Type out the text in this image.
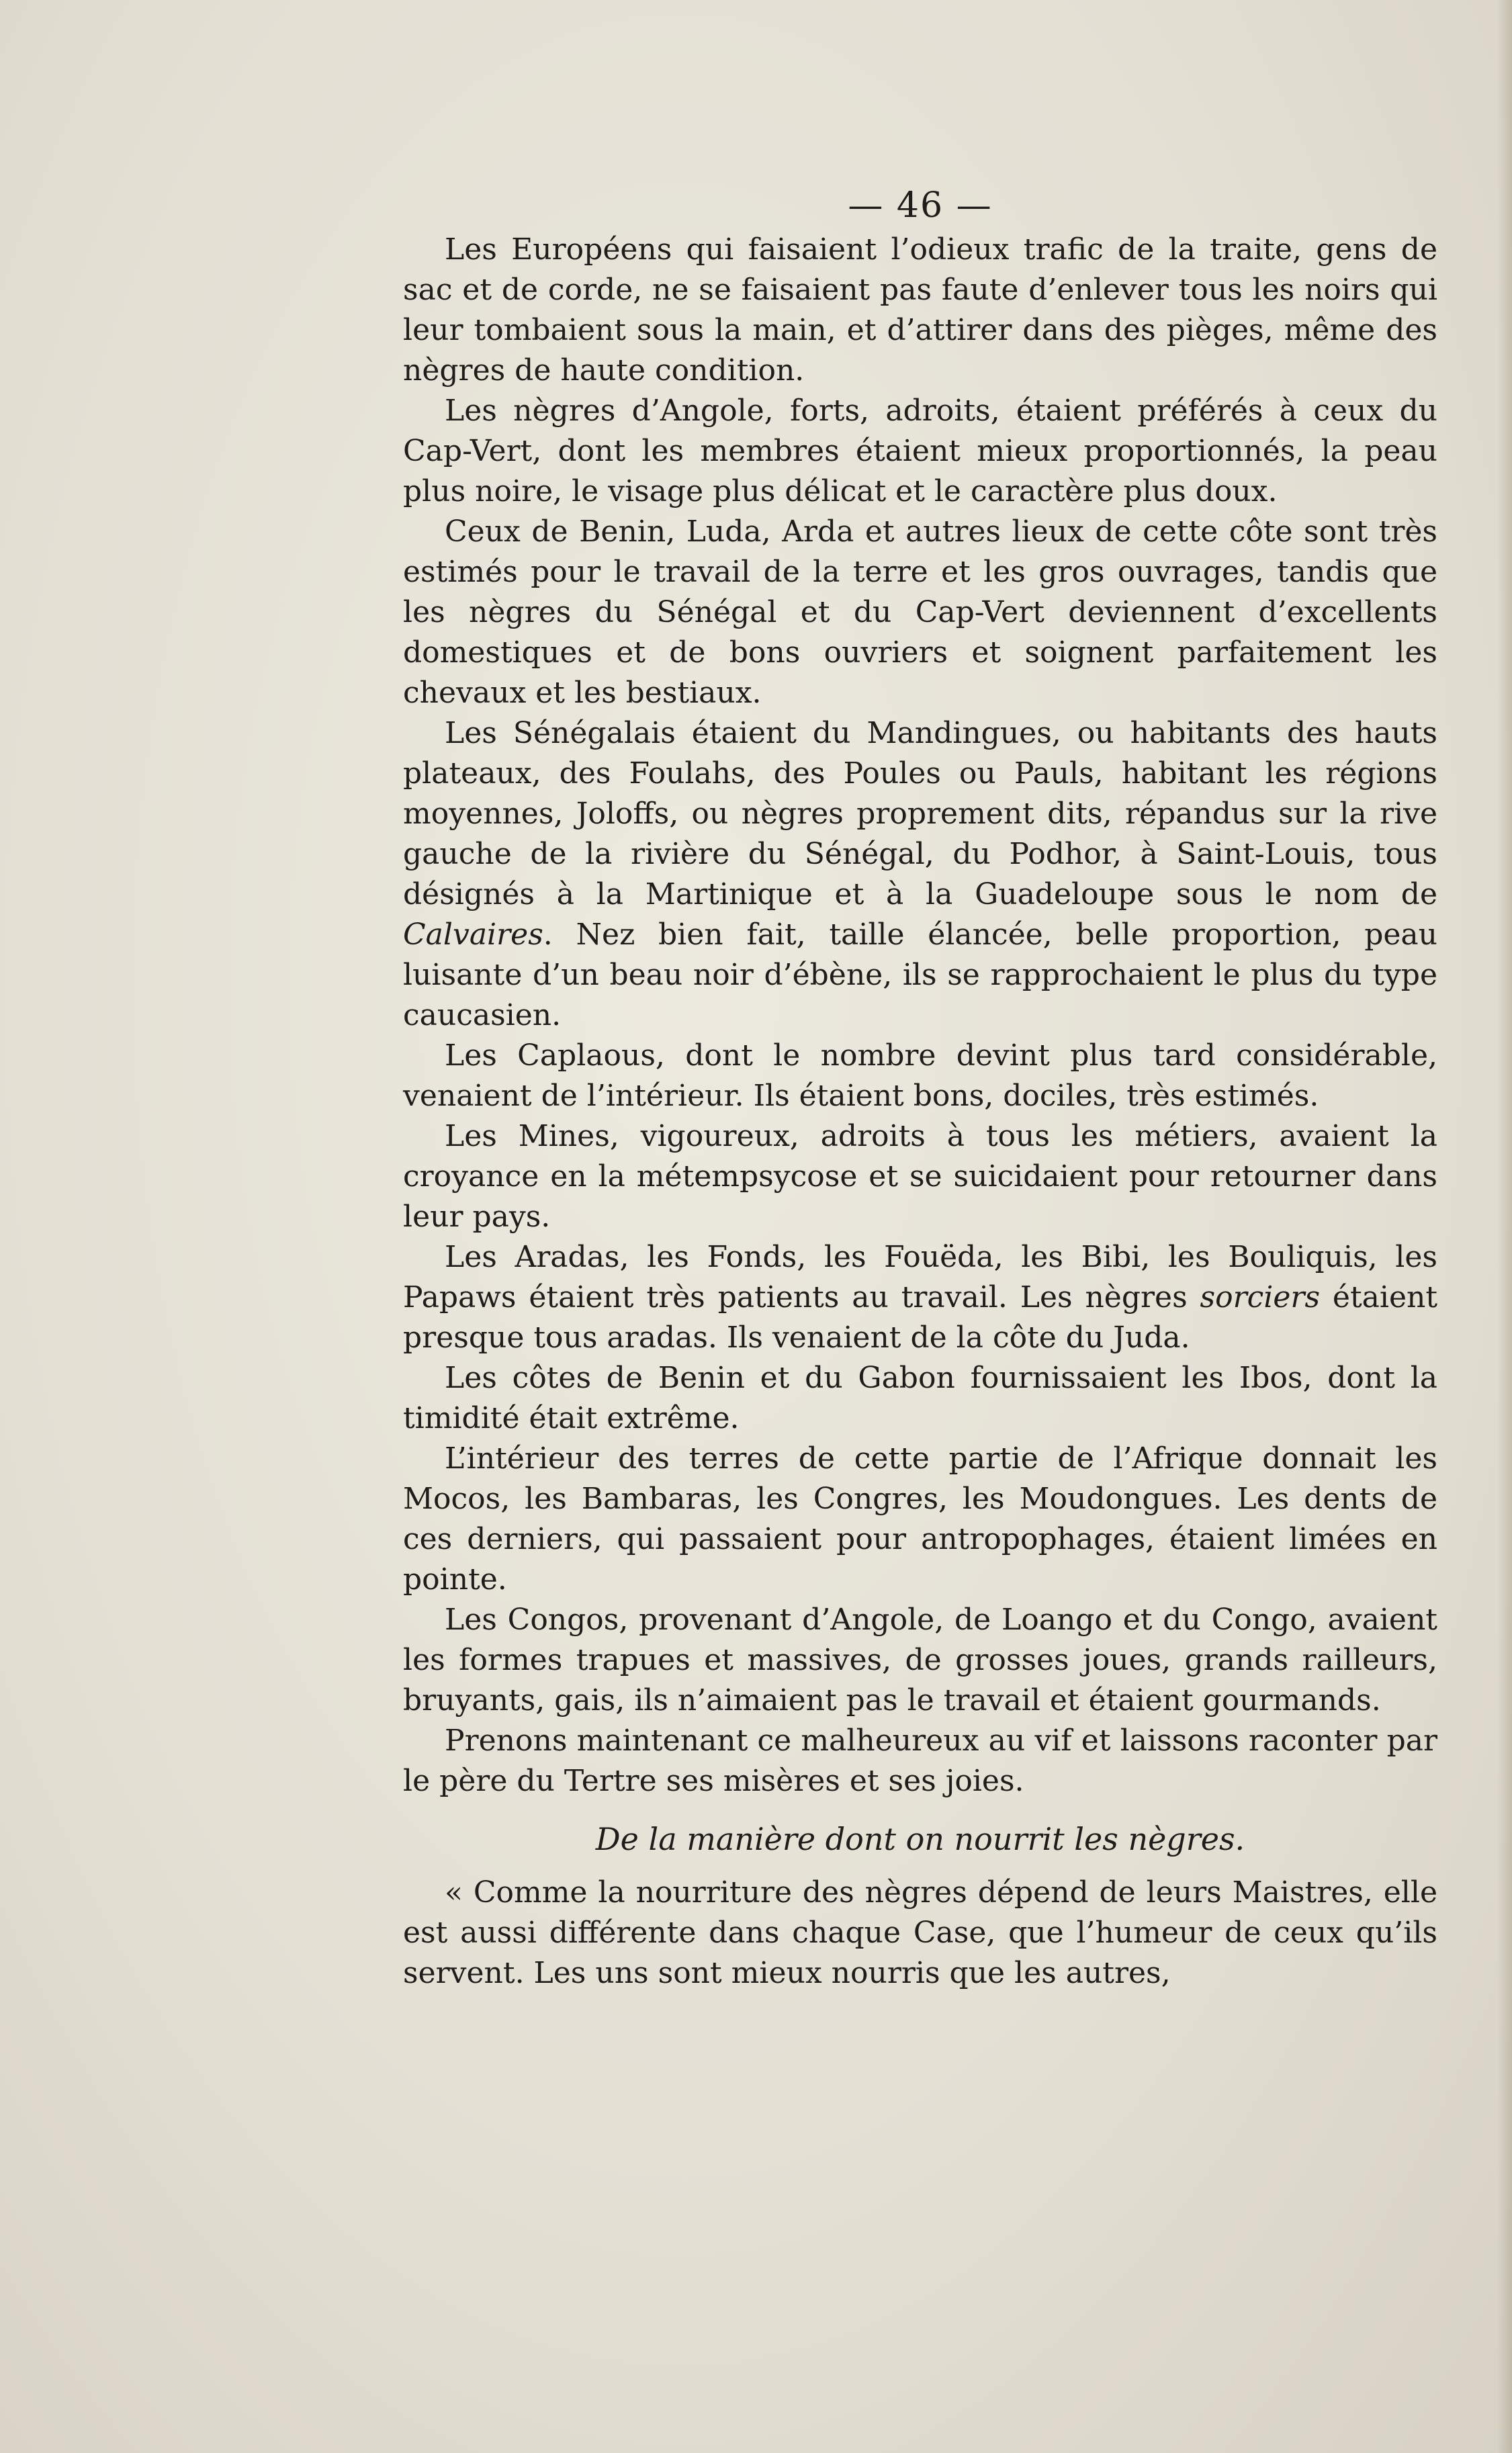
— 46 —

Les Européens qui faisaient l’odieux trafic de la traite, gens de sac et de corde, ne se faisaient pas faute d’enlever tous les noirs qui leur tombaient sous la main, et d’attirer dans des pièges, même des nègres de haute condition.

Les nègres d’Angole, forts, adroits, étaient préférés à ceux du Cap-Vert, dont les membres étaient mieux proportionnés, la peau plus noire, le visage plus délicat et le caractère plus doux.

Ceux de Benin, Luda, Arda et autres lieux de cette côte sont très estimés pour le travail de la terre et les gros ouvrages, tandis que les nègres du Sénégal et du Cap-Vert deviennent d’excellents domestiques et de bons ouvriers et soignent parfaitement les chevaux et les bestiaux.

Les Sénégalais étaient du Mandingues, ou habitants des hauts plateaux, des Foulahs, des Poules ou Pauls, habitant les régions moyennes, Joloffs, ou nègres proprement dits, répandus sur la rive gauche de la rivière du Sénégal, du Podhor, à Saint-Louis, tous désignés à la Martinique et à la Guadeloupe sous le nom de Calvaires. Nez bien fait, taille élancée, belle proportion, peau luisante d’un beau noir d’ébène, ils se rapprochaient le plus du type caucasien.

Les Caplaous, dont le nombre devint plus tard considérable, venaient de l’intérieur. Ils étaient bons, dociles, très estimés.

Les Mines, vigoureux, adroits à tous les métiers, avaient la croyance en la métempsycose et se suicidaient pour retourner dans leur pays.

Les Aradas, les Fonds, les Fouëda, les Bibi, les Bouliquis, les Papaws étaient très patients au travail. Les nègres sorciers étaient presque tous aradas. Ils venaient de la côte du Juda.

Les côtes de Benin et du Gabon fournissaient les Ibos, dont la timidité était extrême.

L’intérieur des terres de cette partie de l’Afrique donnait les Mocos, les Bambaras, les Congres, les Moudongues. Les dents de ces derniers, qui passaient pour antropophages, étaient limées en pointe.

Les Congos, provenant d’Angole, de Loango et du Congo, avaient les formes trapues et massives, de grosses joues, grands railleurs, bruyants, gais, ils n’aimaient pas le travail et étaient gourmands.

Prenons maintenant ce malheureux au vif et laissons raconter par le père du Tertre ses misères et ses joies.

De la manière dont on nourrit les nègres.

« Comme la nourriture des nègres dépend de leurs Maistres, elle est aussi différente dans chaque Case, que l’humeur de ceux qu’ils servent. Les uns sont mieux nourris que les autres,
